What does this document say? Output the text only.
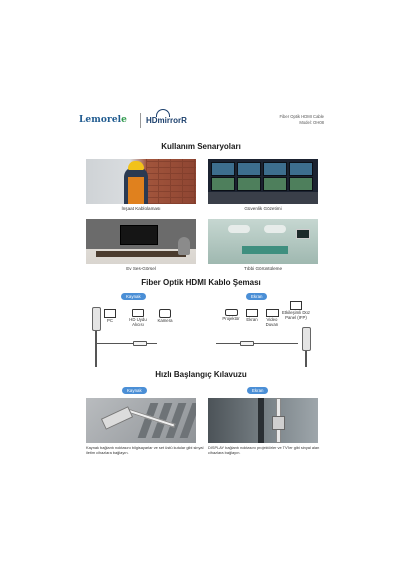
Lemorele HDmirrorR	Fiber Optik HDMI Cable
Model: OH08
Kullanım Senaryoları
İnşaat Kablolaması	Güvenlik Gözetimi
Ev Ses-Görsel	Tıbbi Görüntüleme
Fiber Optik HDMI Kablo Şeması
Kaynak	Ekran
PC	HD Uydu Alıcısı
Kamera	Projektör	Ekran	Video Duvarı
Etkileşimli Düz Panel (IFP)
Hızlı Başlangıç Kılavuzu
Kaynak	Ekran
Kaynak bağlantı noktasını bilgisayarlar ve set üstü kutular gibi sinyal iletim cihazlara bağlayın.
DISPLAY bağlantı noktasını projektörler ve TV'ler gibi sinyal alan cihazlara bağlayın.
